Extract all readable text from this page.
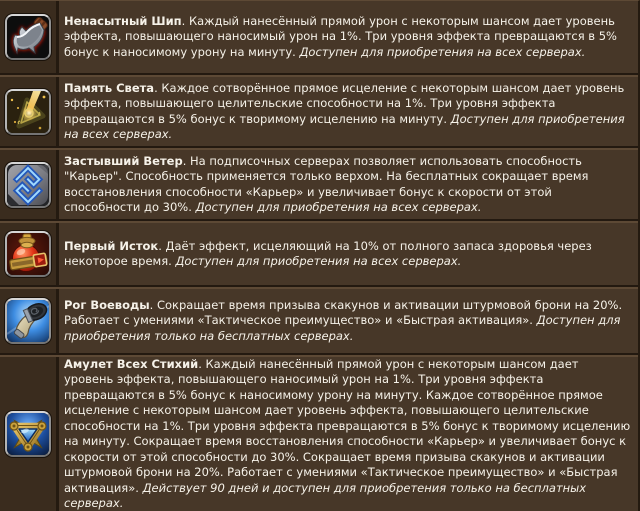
Ненасытный Шип. Каждый нанесённый прямой урон с некоторым шансом дает уровень эффекта, повышающего наносимый урон на 1%. Три уровня эффекта превращаются в 5% бонус к наносимому урону на минуту. Доступен для приобретения на всех серверах.

Память Света. Каждое сотворённое прямое исцеление с некоторым шансом дает уровень эффекта, повышающего целительские способности на 1%. Три уровня эффекта превращаются в 5% бонус к творимому исцелению на минуту. Доступен для приобретения на всех серверах.

Застывший Ветер. На подписочных серверах позволяет использовать способность "Карьер". Способность применяется только верхом. На бесплатных сокращает время восстановления способности «Карьер» и увеличивает бонус к скорости от этой способности до 30%. Доступен для приобретения на всех серверах.

Первый Исток. Даёт эффект, исцеляющий на 10% от полного запаса здоровья через некоторое время. Доступен для приобретения на всех серверах.

Рог Воеводы. Сокращает время призыва скакунов и активации штурмовой брони на 20%. Работает с умениями «Тактическое преимущество» и «Быстрая активация». Доступен для приобретения только на бесплатных серверах.

Амулет Всех Стихий. Каждый нанесённый прямой урон с некоторым шансом дает уровень эффекта, повышающего наносимый урон на 1%. Три уровня эффекта превращаются в 5% бонус к наносимому урону на минуту. Каждое сотворённое прямое исцеление с некоторым шансом дает уровень эффекта, повышающего целительские способности на 1%. Три уровня эффекта превращаются в 5% бонус к творимому исцелению на минуту. Сокращает время восстановления способности «Карьер» и увеличивает бонус к скорости от этой способности до 30%. Сокращает время призыва скакунов и активации штурмовой брони на 20%. Работает с умениями «Тактическое преимущество» и «Быстрая активация». Действует 90 дней и доступен для приобретения только на бесплатных серверах.
